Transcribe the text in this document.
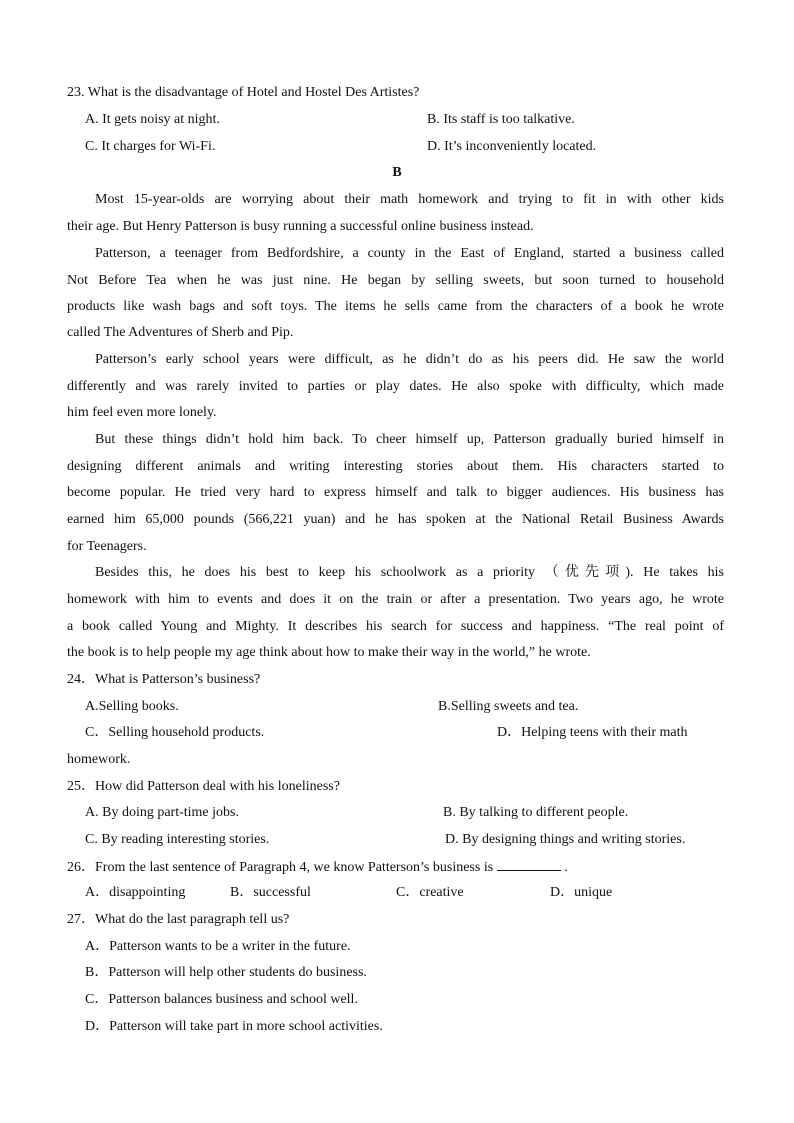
23. What is the disadvantage of Hotel and Hostel Des Artistes?
A. It gets noisy at night.	B. Its staff is too talkative.
C. It charges for Wi-Fi.	D. It’s inconveniently located.
B
Most 15-year-olds are worrying about their math homework and trying to fit in with other kids
their age. But Henry Patterson is busy running a successful online business instead.
Patterson, a teenager from Bedfordshire, a county in the East of England, started a business called
Not Before Tea when he was just nine. He began by selling sweets, but soon turned to household
products like wash bags and soft toys. The items he sells came from the characters of a book he wrote
called The Adventures of Sherb and Pip.
Patterson’s early school years were difficult, as he didn’t do as his peers did. He saw the world
differently and was rarely invited to parties or play dates. He also spoke with difficulty, which made
him feel even more lonely.
But these things didn’t hold him back. To cheer himself up, Patterson gradually buried himself in
designing different animals and writing interesting stories about them. His characters started to
become popular. He tried very hard to express himself and talk to bigger audiences. His business has
earned him 65,000 pounds (566,221 yuan) and he has spoken at the National Retail Business Awards
for Teenagers.
Besides this, he does his best to keep his schoolwork as a priority （优先项). He takes his
homework with him to events and does it on the train or after a presentation. Two years ago, he wrote
a book called Young and Mighty. It describes his search for success and happiness. “The real point of
the book is to help people my age think about how to make their way in the world,” he wrote.
24．What is Patterson’s business?
A.Selling books.	B.Selling sweets and tea.
C．Selling household products.	D．Helping teens with their math
homework.
25．How did Patterson deal with his loneliness?
A. By doing part-time jobs.	B. By talking to different people.
C. By reading interesting stories.	D. By designing things and writing stories.
26．From the last sentence of Paragraph 4, we know Patterson’s business is	.
A．disappointing	B．successful	C．creative	D．unique
27．What do the last paragraph tell us?
A．Patterson wants to be a writer in the future.
B．Patterson will help other students do business.
C．Patterson balances business and school well.
D．Patterson will take part in more school activities.
